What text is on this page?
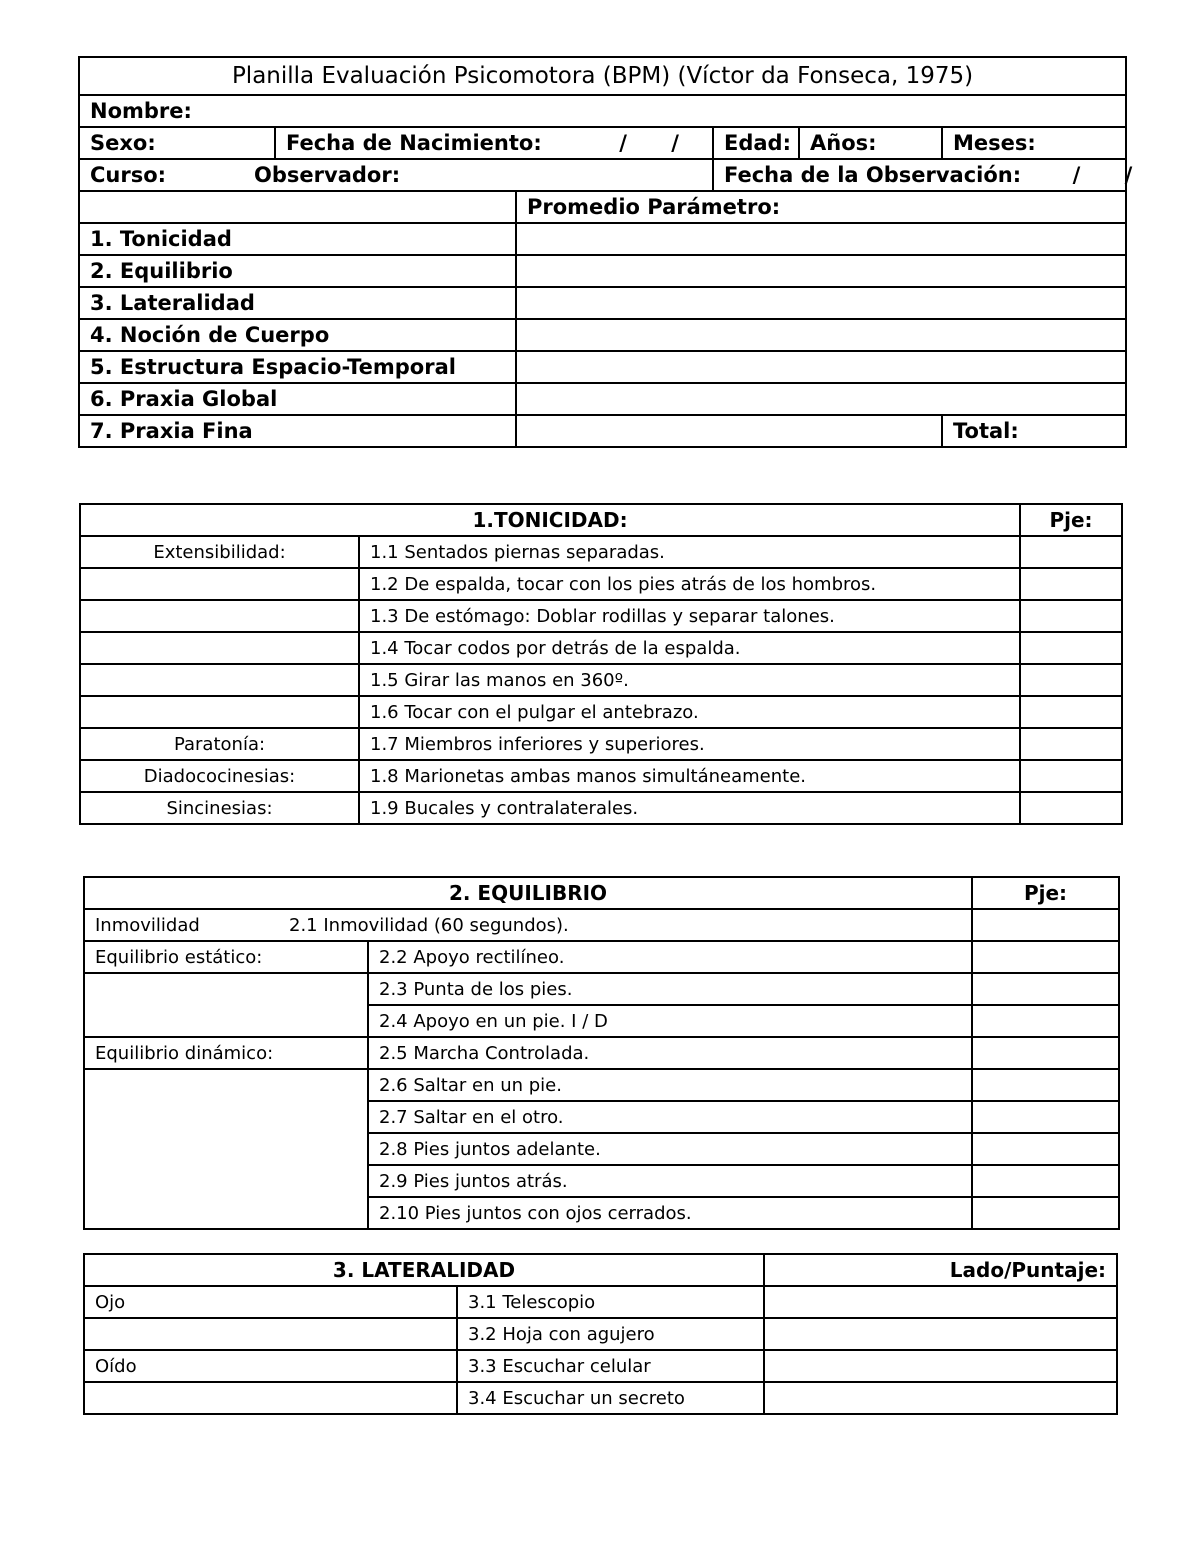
Planilla Evaluación Psicomotora (BPM) (Víctor da Fonseca, 1975)					
Nombre:					
Sexo:	Fecha de Nacimiento: / /		Edad:	Años:	Meses:
Curso: Observador:			Fecha de la Observación: / /		
		Promedio Parámetro:			
1. Tonicidad					
2. Equilibrio					
3. Lateralidad					
4. Noción de Cuerpo					
5. Estructura Espacio-Temporal					
6. Praxia Global					
7. Praxia Fina					Total:
1.TONICIDAD:		Pje:
Extensibilidad:	1.1 Sentados piernas separadas.	
	1.2 De espalda, tocar con los pies atrás de los hombros.	
	1.3 De estómago: Doblar rodillas y separar talones.	
	1.4 Tocar codos por detrás de la espalda.	
	1.5 Girar las manos en 360º.	
	1.6 Tocar con el pulgar el antebrazo.	
Paratonía:	1.7 Miembros inferiores y superiores.	
Diadococinesias:	1.8 Marionetas ambas manos simultáneamente.	
Sincinesias:	1.9 Bucales y contralaterales.	
2. EQUILIBRIO		Pje:
Inmovilidad 2.1 Inmovilidad (60 segundos).		
Equilibrio estático:	2.2 Apoyo rectilíneo.	
	2.3 Punta de los pies.	
	2.4 Apoyo en un pie. I / D	
Equilibrio dinámico:	2.5 Marcha Controlada.	
	2.6 Saltar en un pie.	
	2.7 Saltar en el otro.	
	2.8 Pies juntos adelante.	
	2.9 Pies juntos atrás.	
	2.10 Pies juntos con ojos cerrados.	
3. LATERALIDAD		Lado/Puntaje:
Ojo	3.1 Telescopio	
	3.2 Hoja con agujero	
Oído	3.3 Escuchar celular	
	3.4 Escuchar un secreto	
